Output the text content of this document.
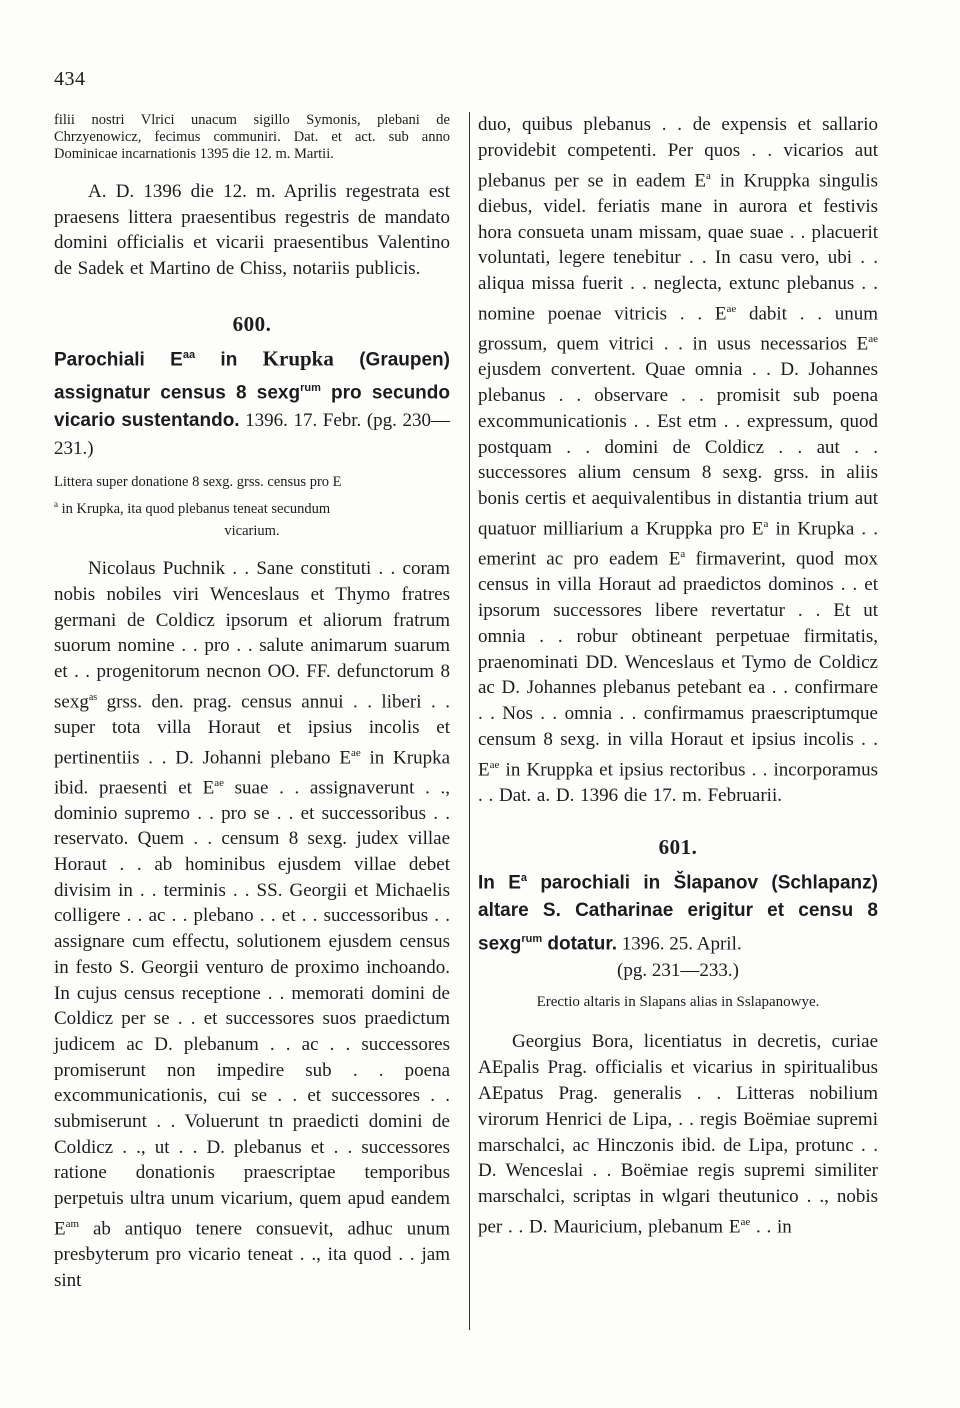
434

filii nostri Vlrici unacum sigillo Symonis, plebani de Chrzyenowicz, fecimus communiri. Dat. et act. sub anno Dominicae incarnationis 1395 die 12. m. Martii.

A. D. 1396 die 12. m. Aprilis regestrata est praesens littera praesentibus regestris de mandato domini officialis et vicarii praesentibus Valentino de Sadek et Martino de Chiss, notariis publicis.

600.

Parochiali $E^{aa}$ in Krupka (Graupen) assignatur census 8 sexg$^{rum}$ pro secundo vicario sustentando. 1396. 17. Febr. (pg. 230—231.)

Littera super donatione 8 sexg. grss. census pro E
$^a$ in Krupka, ita quod plebanus teneat secundum

vicarium.

Nicolaus Puchnik . . Sane constituti . . coram nobis nobiles viri Wenceslaus et Thymo fratres germani de Coldicz ipsorum et aliorum fratrum suorum nomine . . pro . . salute animarum suarum et . . progenitorum necnon OO. FF. defunctorum 8 sexg$^{as}$ grss. den. prag. census annui . . liberi . . super tota villa Horaut et ipsius incolis et pertinentiis . . D. Johanni plebano $E^{ae}$ in Krupka ibid. praesenti et $E^{ae}$ suae . . assignaverunt . ., dominio supremo . . pro se . . et successoribus . . reservato. Quem . . censum 8 sexg. judex villae Horaut . . ab hominibus ejusdem villae debet divisim in . . terminis . . SS. Georgii et Michaelis colligere . . ac . . plebano . . et . . successoribus . . assignare cum effectu, solutionem ejusdem census in festo S. Georgii venturo de proximo inchoando. In cujus census receptione . . memorati domini de Coldicz per se . . et successores suos praedictum judicem ac D. plebanum . . ac . . successores promiserunt non impedire sub . . poena excommunicationis, cui se . . et successores . . submiserunt . . Voluerunt tn praedicti domini de Coldicz . ., ut . . D. plebanus et . . successores ratione donationis praescriptae temporibus perpetuis ultra unum vicarium, quem apud eandem $E^{am}$ ab antiquo tenere consuevit, adhuc unum presbyterum pro vicario teneat . ., ita quod . . jam sint

duo, quibus plebanus . . de expensis et sallario providebit competenti. Per quos . . vicarios aut plebanus per se in eadem $E^a$ in Kruppka singulis diebus, videl. feriatis mane in aurora et festivis hora consueta unam missam, quae suae . . placuerit voluntati, legere tenebitur . . In casu vero, ubi . . aliqua missa fuerit . . neglecta, extunc plebanus . . nomine poenae vitricis . . $E^{ae}$ dabit . . unum grossum, quem vitrici . . in usus necessarios $E^{ae}$ ejusdem convertent. Quae omnia . . D. Johannes plebanus . . observare . . promisit sub poena excommunicationis . . Est etm . . expressum, quod postquam . . domini de Coldicz . . aut . . successores alium censum 8 sexg. grss. in aliis bonis certis et aequivalentibus in distantia trium aut quatuor milliarium a Kruppka pro $E^a$ in Krupka . . emerint ac pro eadem $E^a$ firmaverint, quod mox census in villa Horaut ad praedictos dominos . . et ipsorum successores libere revertatur . . Et ut omnia . . robur obtineant perpetuae firmitatis, praenominati DD. Wenceslaus et Tymo de Coldicz ac D. Johannes plebanus petebant ea . . confirmare . . Nos . . omnia . . confirmamus praescriptumque censum 8 sexg. in villa Horaut et ipsius incolis . . $E^{ae}$ in Kruppka et ipsius rectoribus . . incorporamus . . Dat. a. D. 1396 die 17. m. Februarii.

601.

In $E^a$ parochiali in Šlapanov (Schlapanz) altare S. Catharinae erigitur et censu 8 sexg$^{rum}$ dotatur. 1396. 25. April.

(pg. 231—233.)

Erectio altaris in Slapans alias in Sslapanowye.

Georgius Bora, licentiatus in decretis, curiae AEpalis Prag. officialis et vicarius in spiritualibus AEpatus Prag. generalis . . Litteras nobilium virorum Henrici de Lipa, . . regis Boëmiae supremi marschalci, ac Hinczonis ibid. de Lipa, protunc . . D. Wenceslai . . Boëmiae regis supremi similiter marschalci, scriptas in wlgari theutunico . ., nobis per . . D. Mauricium, plebanum $E^{ae}$ . . in
